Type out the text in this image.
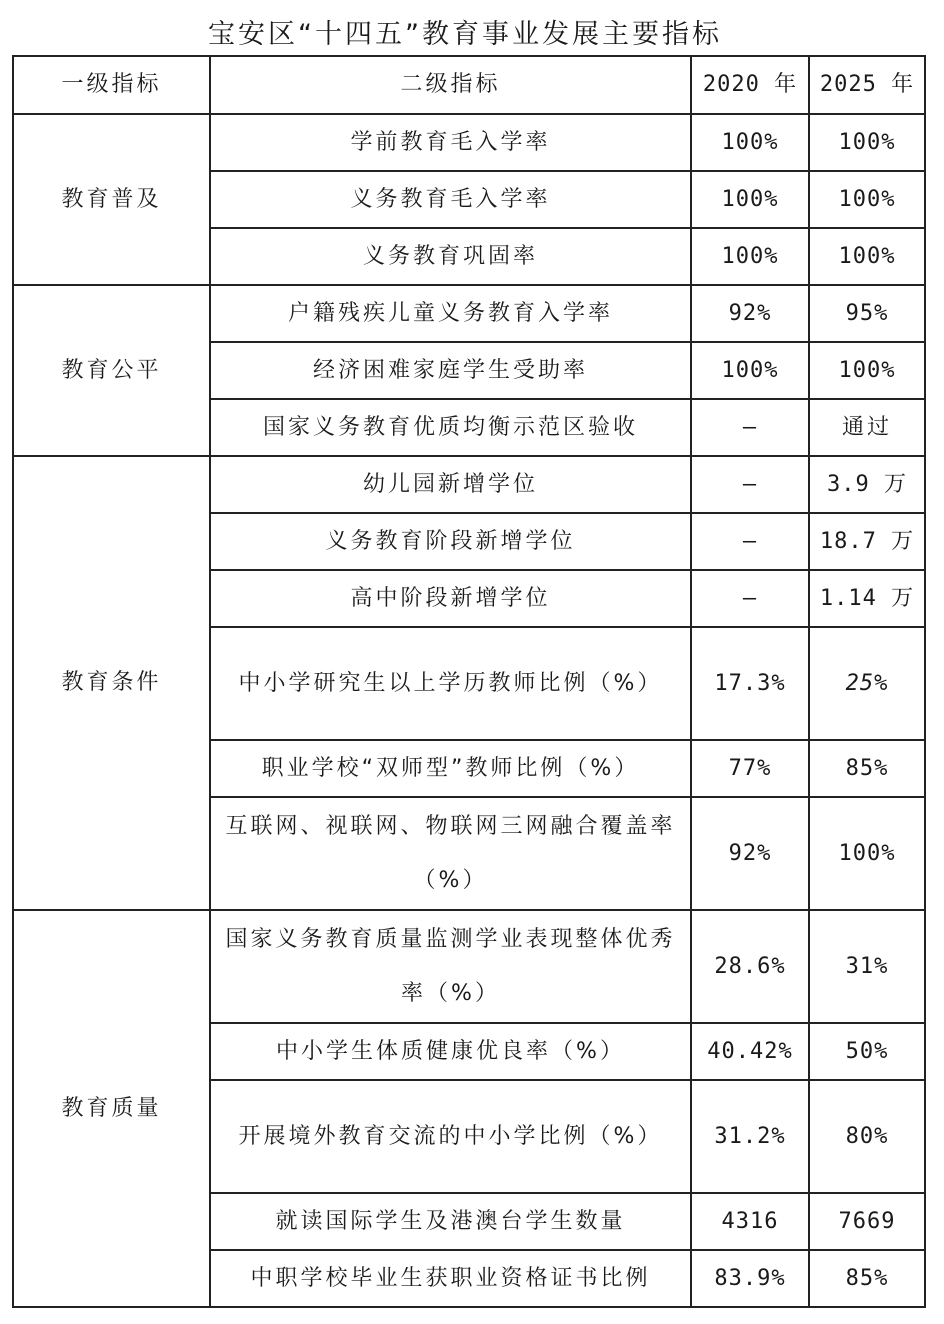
宝安区“十四五”教育事业发展主要指标
一级指标	二级指标	2020 年	2025 年
教育普及	学前教育毛入学率	100%	100%
	义务教育毛入学率	100%	100%
	义务教育巩固率	100%	100%
教育公平	户籍残疾儿童义务教育入学率	92%	95%
	经济困难家庭学生受助率	100%	100%
	国家义务教育优质均衡示范区验收	–	通过
教育条件	幼儿园新增学位	–	3.9 万
	义务教育阶段新增学位	–	18.7 万
	高中阶段新增学位	–	1.14 万
	中小学研究生以上学历教师比例（%）	17.3%	25%
	职业学校“双师型”教师比例（%）	77%	85%
	互联网、视联网、物联网三网融合覆盖率（%）	92%	100%
教育质量	国家义务教育质量监测学业表现整体优秀率（%）	28.6%	31%
	中小学生体质健康优良率（%）	40.42%	50%
	开展境外教育交流的中小学比例（%）	31.2%	80%
	就读国际学生及港澳台学生数量	4316	7669
	中职学校毕业生获职业资格证书比例	83.9%	85%
